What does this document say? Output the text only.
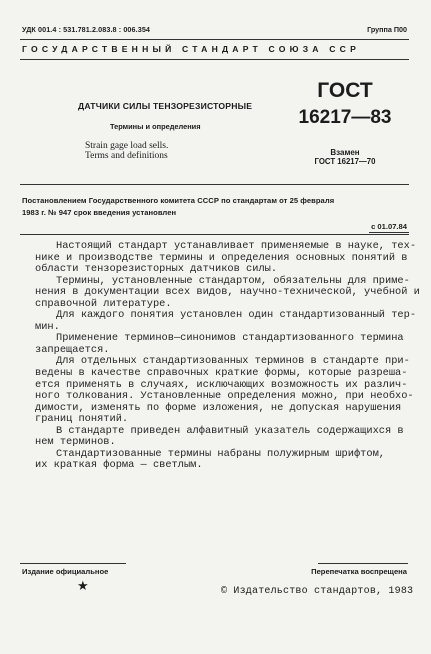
УДК 001.4 : 531.781.2.083.8 : 006.354	Группа П00
ГОСУДАРСТВЕННЫЙ СТАНДАРТ СОЮЗА ССР
ДАТЧИКИ СИЛЫ ТЕНЗОРЕЗИСТОРНЫЕ
Термины и определения
Strain gage load sells.
Terms and definitions
ГОСТ
16217—83
Взамен
ГОСТ 16217—70
Постановлением Государственного комитета СССР по стандартам от 25 февраля
1983 г. № 947 срок введения установлен
с 01.07.84
Настоящий стандарт устанавливает применяемые в науке, тех-
нике и производстве термины и определения основных понятий в
области тензорезисторных датчиков силы.
Термины, установленные стандартом, обязательны для приме-
нения в документации всех видов, научно-технической, учебной и
справочной литературе.
Для каждого понятия установлен один стандартизованный тер-
мин.
Применение терминов—синонимов стандартизованного термина
запрещается.
Для отдельных стандартизованных терминов в стандарте при-
ведены в качестве справочных краткие формы, которые разреша-
ется применять в случаях, исключающих возможность их различ-
ного толкования. Установленные определения можно, при необхо-
димости, изменять по форме изложения, не допуская нарушения
границ понятий.
В стандарте приведен алфавитный указатель содержащихся в
нем терминов.
Стандартизованные термины набраны полужирным шрифтом,
их краткая форма — светлым.
Издание официальное	Перепечатка воспрещена
★	© Издательство стандартов, 1983
